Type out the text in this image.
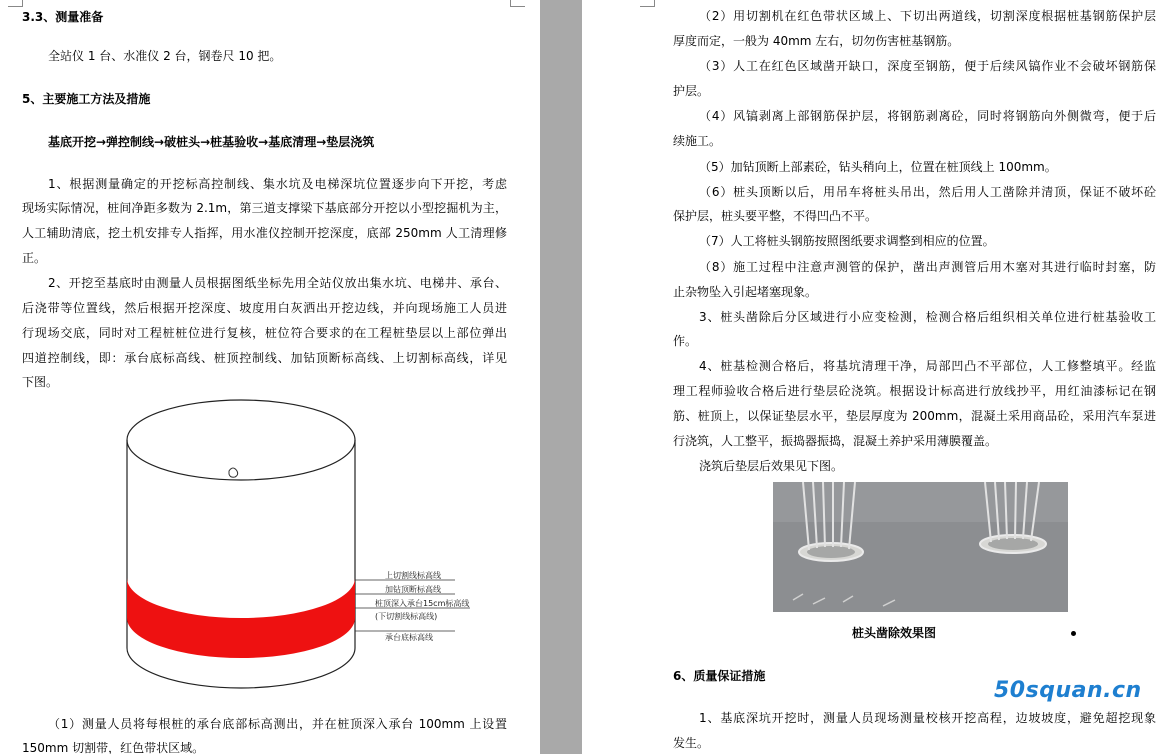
3.3、测量准备
全站仪 1 台、水准仪 2 台，钢卷尺 10 把。
5、主要施工方法及措施
基底开挖→弹控制线→破桩头→桩基验收→基底清理→垫层浇筑
1、根据测量确定的开挖标高控制线、集水坑及电梯深坑位置逐步向下开挖，考虑
现场实际情况，桩间净距多数为 2.1m，第三道支撑梁下基底部分开挖以小型挖掘机为主，
人工辅助清底，挖土机安排专人指挥，用水准仪控制开挖深度，底部 250mm 人工清理修
正。
2、开挖至基底时由测量人员根据图纸坐标先用全站仪放出集水坑、电梯井、承台、
后浇带等位置线，然后根据开挖深度、坡度用白灰洒出开挖边线，并向现场施工人员进
行现场交底，同时对工程桩桩位进行复核，桩位符合要求的在工程桩垫层以上部位弹出
四道控制线，即：承台底标高线、桩顶控制线、加钻顶断标高线、上切割标高线，详见
下图。
上切割线标高线
加钻顶断标高线
桩顶深入承台15cm标高线
(下切割线标高线)
承台底标高线
（1）测量人员将每根桩的承台底部标高测出，并在桩顶深入承台 100mm 上设置
150mm 切割带，红色带状区域。
（2）用切割机在红色带状区域上、下切出两道线，切割深度根据桩基钢筋保护层
厚度而定，一般为 40mm 左右，切勿伤害桩基钢筋。
（3）人工在红色区域凿开缺口，深度至钢筋，便于后续风镐作业不会破坏钢筋保
护层。
（4）风镐剥离上部钢筋保护层，将钢筋剥离砼，同时将钢筋向外侧微弯，便于后
续施工。
（5）加钻顶断上部素砼，钻头稍向上，位置在桩顶线上 100mm。
（6）桩头顶断以后，用吊车将桩头吊出，然后用人工凿除并清顶，保证不破坏砼
保护层，桩头要平整，不得凹凸不平。
（7）人工将桩头钢筋按照图纸要求调整到相应的位置。
（8）施工过程中注意声测管的保护，凿出声测管后用木塞对其进行临时封塞，防
止杂物坠入引起堵塞现象。
3、桩头凿除后分区域进行小应变检测，检测合格后组织相关单位进行桩基验收工
作。
4、桩基检测合格后，将基坑清理干净，局部凹凸不平部位，人工修整填平。经监
理工程师验收合格后进行垫层砼浇筑。根据设计标高进行放线抄平，用红油漆标记在钢
筋、桩顶上，以保证垫层水平，垫层厚度为 200mm，混凝土采用商品砼，采用汽车泵进
行浇筑，人工整平，振捣器振捣，混凝土养护采用薄膜覆盖。
浇筑后垫层后效果见下图。
桩头凿除效果图
6、质量保证措施
1、基底深坑开挖时，测量人员现场测量校核开挖高程，边坡坡度，避免超挖现象
发生。
50squan.cn
